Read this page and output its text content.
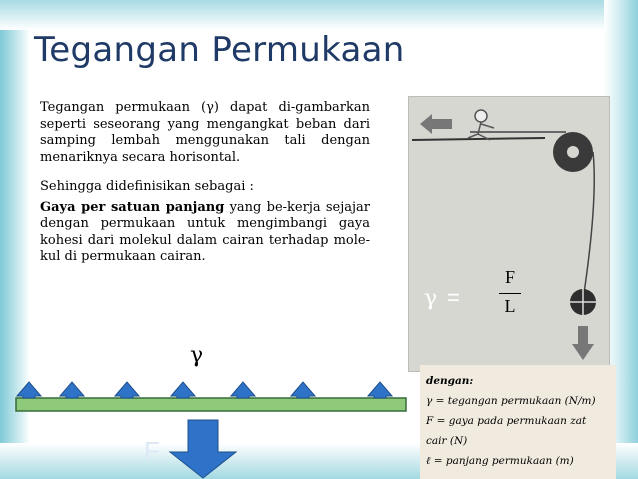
Tegangan Permukaan

Tegangan permukaan (γ) dapat di-gambarkan seperti seseorang yang mengangkat beban dari samping lembah menggunakan tali dengan menariknya secara horisontal.

Sehingga didefinisikan sebagai :

Gaya per satuan panjang yang be-kerja sejajar dengan permukaan untuk mengimbangi gaya kohesi dari molekul dalam cairan terhadap mole-kul di permukaan cairan.

γ =
F
L
dengan:
γ = tegangan permukaan (N/m)
F = gaya pada permukaan zat cair (N)
ℓ = panjang permukaan (m)
γ
F
